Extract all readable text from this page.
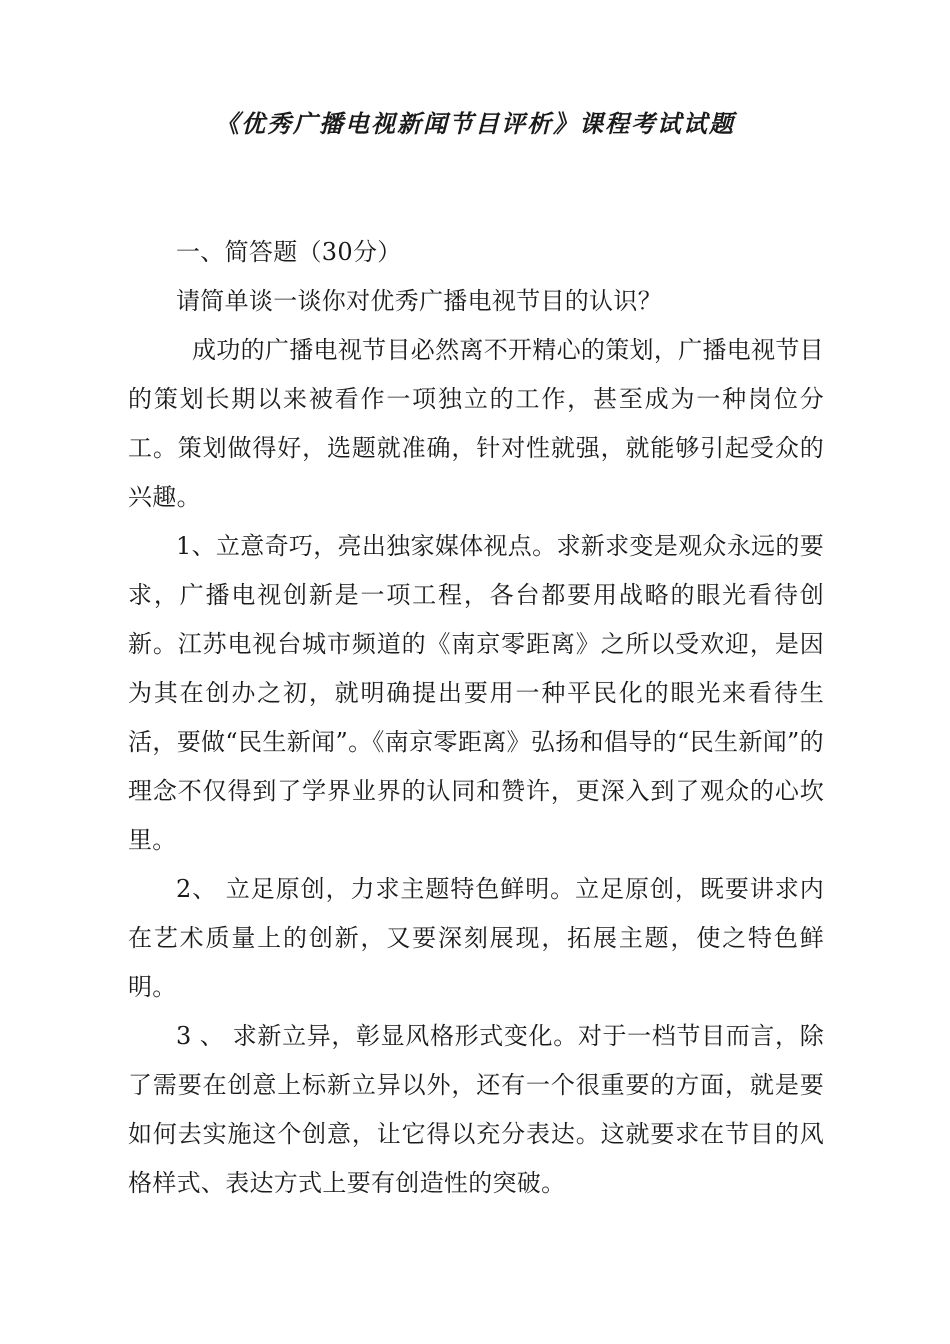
《优秀广播电视新闻节目评析》课程考试试题

一、简答题（30分）

请简单谈一谈你对优秀广播电视节目的认识？

成功的广播电视节目必然离不开精心的策划，广播电视节目的策划长期以来被看作一项独立的工作，甚至成为一种岗位分工。策划做得好，选题就准确，针对性就强，就能够引起受众的兴趣。

1、立意奇巧，亮出独家媒体视点。求新求变是观众永远的要求，广播电视创新是一项工程，各台都要用战略的眼光看待创新。江苏电视台城市频道的《南京零距离》之所以受欢迎，是因为其在创办之初，就明确提出要用一种平民化的眼光来看待生活，要做“民生新闻”。《南京零距离》弘扬和倡导的“民生新闻”的理念不仅得到了学界业界的认同和赞许，更深入到了观众的心坎里。

2、 立足原创，力求主题特色鲜明。立足原创，既要讲求内在艺术质量上的创新，又要深刻展现，拓展主题，使之特色鲜明。

3 、 求新立异，彰显风格形式变化。对于一档节目而言，除了需要在创意上标新立异以外，还有一个很重要的方面，就是要如何去实施这个创意，让它得以充分表达。这就要求在节目的风格样式、表达方式上要有创造性的突破。
